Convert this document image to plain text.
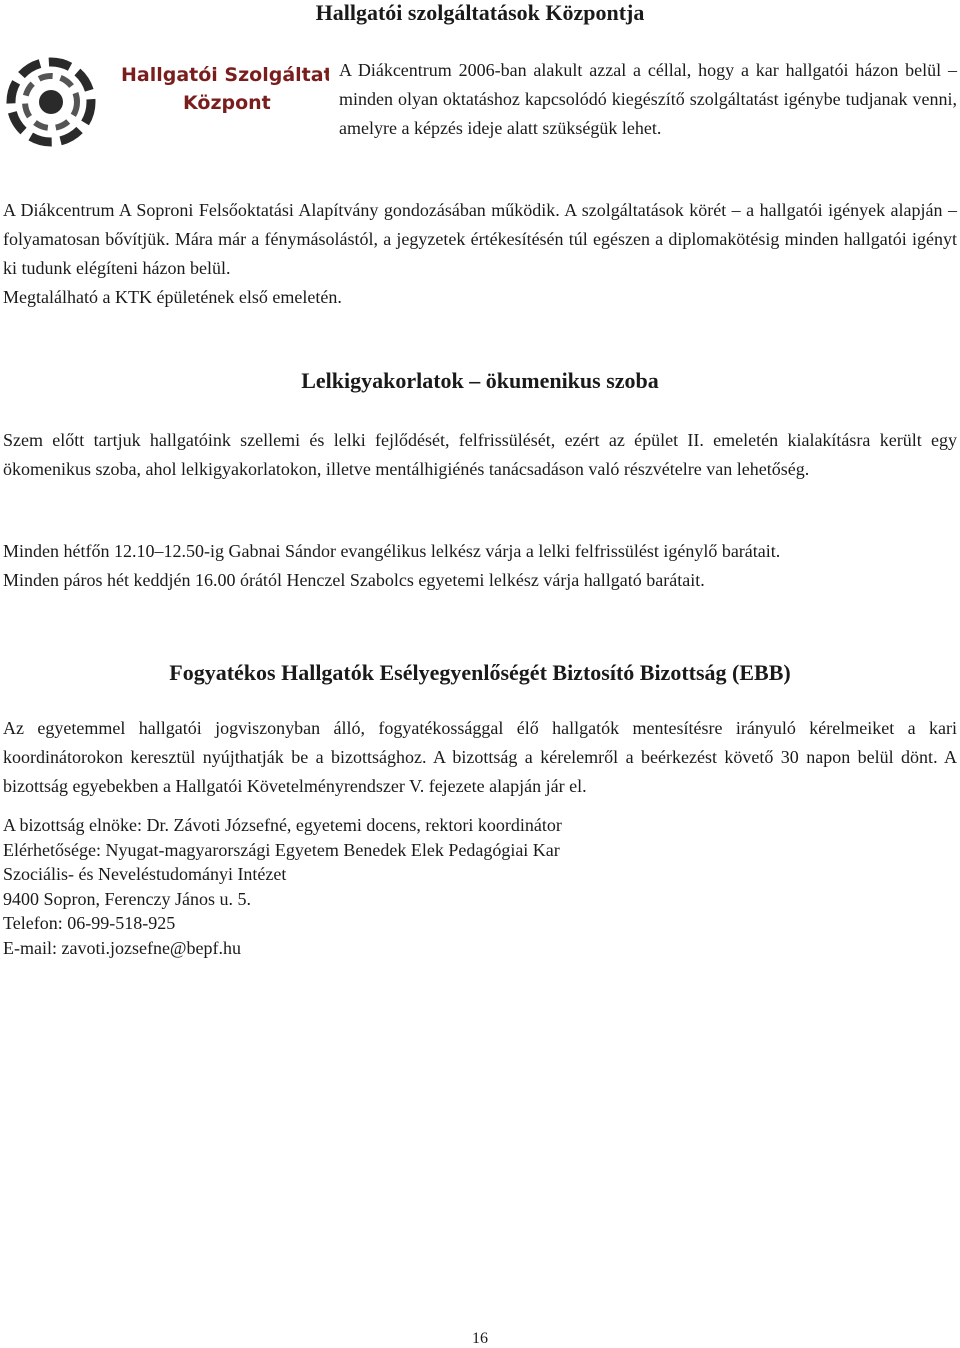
Hallgatói szolgáltatások Központja
Hallgatói Szolgáltató
Központ

A Diákcentrum 2006-ban alakult azzal a céllal, hogy a kar hallgatói házon belül – minden olyan oktatáshoz kapcsolódó kiegészítő szolgáltatást igénybe tudjanak venni, amelyre a képzés ideje alatt szükségük lehet.

A Diákcentrum A Soproni Felsőoktatási Alapítvány gondozásában működik. A szolgáltatások körét – a hallgatói igények alapján – folyamatosan bővítjük. Mára már a fénymásolástól, a jegyzetek értékesítésén túl egészen a diplomakötésig minden hallgatói igényt ki tudunk elégíteni házon belül.

Megtalálható a KTK épületének első emeletén.

Lelkigyakorlatok – ökumenikus szoba

Szem előtt tartjuk hallgatóink szellemi és lelki fejlődését, felfrissülését, ezért az épület II. emeletén kialakításra került egy ökomenikus szoba, ahol lelkigyakorlatokon, illetve mentálhigiénés tanácsadáson való részvételre van lehetőség.

Minden hétfőn 12.10–12.50-ig Gabnai Sándor evangélikus lelkész várja a lelki felfrissülést igénylő barátait.

Minden páros hét keddjén 16.00 órától Henczel Szabolcs egyetemi lelkész várja hallgató barátait.

Fogyatékos Hallgatók Esélyegyenlőségét Biztosító Bizottság (EBB)

Az egyetemmel hallgatói jogviszonyban álló, fogyatékossággal élő hallgatók mentesítésre irányuló kérelmeiket a kari koordinátorokon keresztül nyújthatják be a bizottsághoz. A bizottság a kérelemről a beérkezést követő 30 napon belül dönt. A bizottság egyebekben a Hallgatói Követelményrendszer V. fejezete alapján jár el.

A bizottság elnöke: Dr. Závoti Józsefné, egyetemi docens, rektori koordinátor
Elérhetősége: Nyugat-magyarországi Egyetem Benedek Elek Pedagógiai Kar
Szociális- és Neveléstudományi Intézet
9400 Sopron, Ferenczy János u. 5.
Telefon: 06-99-518-925
E-mail: zavoti.jozsefne@bepf.hu
16
